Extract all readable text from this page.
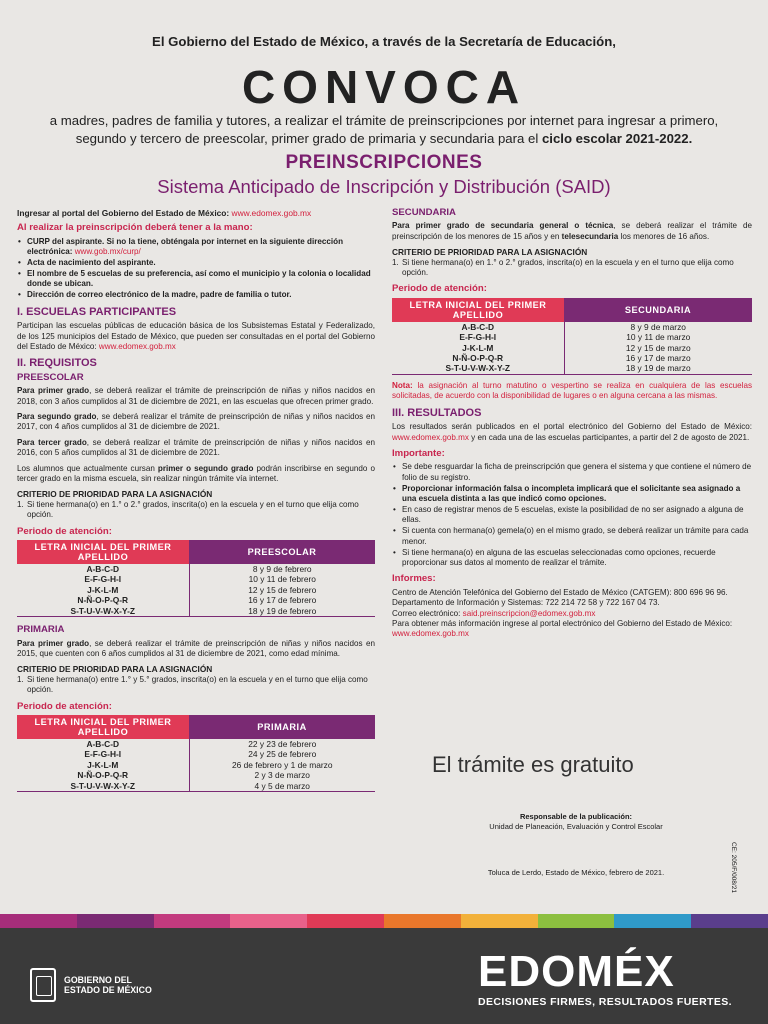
El Gobierno del Estado de México, a través de la Secretaría de Educación,
CONVOCA
a madres, padres de familia y tutores, a realizar el trámite de preinscripciones por internet para ingresar a primero,
segundo y tercero de preescolar, primer grado de primaria y secundaria para el ciclo escolar 2021-2022.
PREINSCRIPCIONES
Sistema Anticipado de Inscripción y Distribución (SAID)
Ingresar al portal del Gobierno del Estado de México: www.edomex.gob.mx
Al realizar la preinscripción deberá tener a la mano:
• CURP del aspirante. Si no la tiene, obténgala por internet en la siguiente dirección electrónica: www.gob.mx/curp/
• Acta de nacimiento del aspirante.
• El nombre de 5 escuelas de su preferencia, así como el municipio y la colonia o localidad donde se ubican.
• Dirección de correo electrónico de la madre, padre de familia o tutor.
I. ESCUELAS PARTICIPANTES
Participan las escuelas públicas de educación básica de los Subsistemas Estatal y Federalizado, de los 125 municipios del Estado de México, que pueden ser consultadas en el portal del Gobierno del Estado de México: www.edomex.gob.mx
II. REQUISITOS
PREESCOLAR
Para primer grado, se deberá realizar el trámite de preinscripción de niñas y niños nacidos en 2018, con 3 años cumplidos al 31 de diciembre de 2021, en las escuelas que ofrecen primer grado.
Para segundo grado, se deberá realizar el trámite de preinscripción de niñas y niños nacidos en 2017, con 4 años cumplidos al 31 de diciembre de 2021.
Para tercer grado, se deberá realizar el trámite de preinscripción de niñas y niños nacidos en 2016, con 5 años cumplidos al 31 de diciembre de 2021.
Los alumnos que actualmente cursan primer o segundo grado podrán inscribirse en segundo o tercer grado en la misma escuela, sin realizar ningún trámite vía internet.
CRITERIO DE PRIORIDAD PARA LA ASIGNACIÓN
1. Si tiene hermana(o) en 1.° o 2.° grados, inscrita(o) en la escuela y en el turno que elija como opción.
Periodo de atención:
LETRA INICIAL DEL PRIMER APELLIDO	PREESCOLAR
A-B-C-D	8 y 9 de febrero
E-F-G-H-I	10 y 11 de febrero
J-K-L-M	12 y 15 de febrero
N-Ñ-O-P-Q-R	16 y 17 de febrero
S-T-U-V-W-X-Y-Z	18 y 19 de febrero
PRIMARIA
Para primer grado, se deberá realizar el trámite de preinscripción de niñas y niños nacidos en 2015, que cuenten con 6 años cumplidos al 31 de diciembre de 2021, como edad mínima.
CRITERIO DE PRIORIDAD PARA LA ASIGNACIÓN
1. Si tiene hermana(o) entre 1.° y 5.° grados, inscrita(o) en la escuela y en el turno que elija como opción.
Periodo de atención:
LETRA INICIAL DEL PRIMER APELLIDO	PRIMARIA
A-B-C-D	22 y 23 de febrero
E-F-G-H-I	24 y 25 de febrero
J-K-L-M	26 de febrero y 1 de marzo
N-Ñ-O-P-Q-R	2 y 3 de marzo
S-T-U-V-W-X-Y-Z	4 y 5 de marzo
SECUNDARIA
Para primer grado de secundaria general o técnica, se deberá realizar el trámite de preinscripción de los menores de 15 años y en telesecundaria los menores de 16 años.
CRITERIO DE PRIORIDAD PARA LA ASIGNACIÓN
1. Si tiene hermana(o) en 1.° o 2.° grados, inscrita(o) en la escuela y en el turno que elija como opción.
Periodo de atención:
LETRA INICIAL DEL PRIMER APELLIDO	SECUNDARIA
A-B-C-D	8 y 9 de marzo
E-F-G-H-I	10 y 11 de marzo
J-K-L-M	12 y 15 de marzo
N-Ñ-O-P-Q-R	16 y 17 de marzo
S-T-U-V-W-X-Y-Z	18 y 19 de marzo
Nota: la asignación al turno matutino o vespertino se realiza en cualquiera de las escuelas solicitadas, de acuerdo con la disponibilidad de lugares o en alguna cercana a las mismas.
III. RESULTADOS
Los resultados serán publicados en el portal electrónico del Gobierno del Estado de México: www.edomex.gob.mx y en cada una de las escuelas participantes, a partir del 2 de agosto de 2021.
Importante:
• Se debe resguardar la ficha de preinscripción que genera el sistema y que contiene el número de folio de su registro.
• Proporcionar información falsa o incompleta implicará que el solicitante sea asignado a una escuela distinta a las que indicó como opciones.
• En caso de registrar menos de 5 escuelas, existe la posibilidad de no ser asignado a alguna de ellas.
• Si cuenta con hermana(o) gemela(o) en el mismo grado, se deberá realizar un trámite para cada menor.
• Si tiene hermana(o) en alguna de las escuelas seleccionadas como opciones, recuerde proporcionar sus datos al momento de realizar el trámite.
Informes:
Centro de Atención Telefónica del Gobierno del Estado de México (CATGEM): 800 696 96 96.
Departamento de Información y Sistemas: 722 214 72 58 y 722 167 04 73.
Correo electrónico: said.preinscripcion@edomex.gob.mx
Para obtener más información ingrese al portal electrónico del Gobierno del Estado de México: www.edomex.gob.mx
El trámite es gratuito
Responsable de la publicación:
Unidad de Planeación, Evaluación y Control Escolar
Toluca de Lerdo, Estado de México, febrero de 2021.	CE: 205/F/008/21
GOBIERNO DEL
ESTADO DE MÉXICO	EDOMÉX
DECISIONES FIRMES, RESULTADOS FUERTES.
